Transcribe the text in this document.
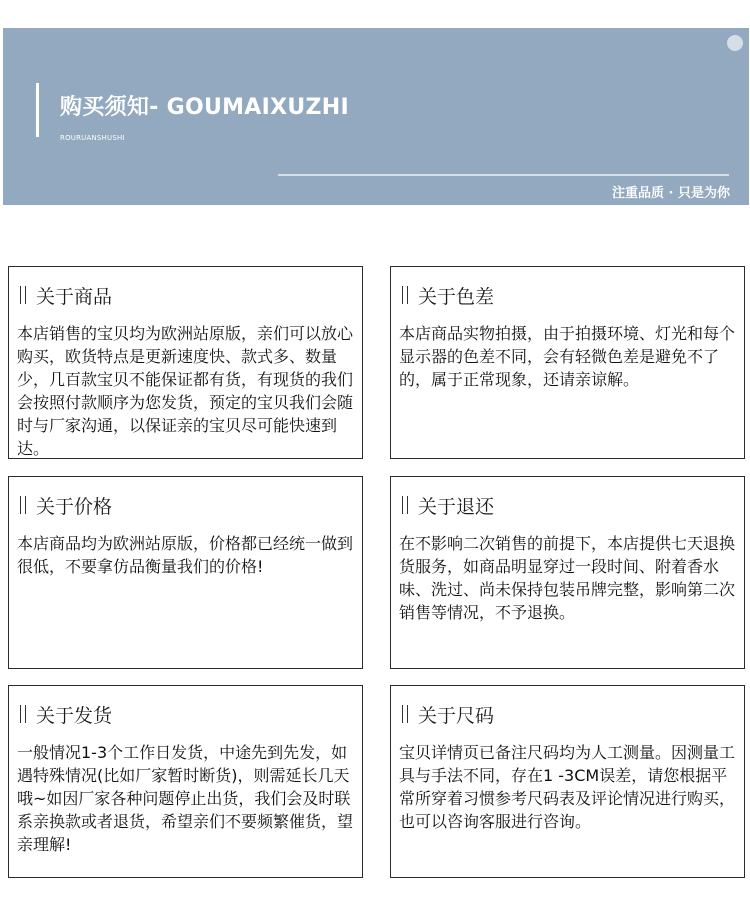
购买须知- GOUMAIXUZHI
ROURUANSHUSHI
注重品质 · 只是为你
关于商品
本店销售的宝贝均为欧洲站原版，亲们可以放心购买，欧货特点是更新速度快、款式多、数量少，几百款宝贝不能保证都有货，有现货的我们会按照付款顺序为您发货，预定的宝贝我们会随时与厂家沟通，以保证亲的宝贝尽可能快速到达。
关于色差
本店商品实物拍摄，由于拍摄环境、灯光和每个显示器的色差不同，会有轻微色差是避免不了的，属于正常现象，还请亲谅解。
关于价格
本店商品均为欧洲站原版，价格都已经统一做到很低，不要拿仿品衡量我们的价格!
关于退还
在不影响二次销售的前提下，本店提供七天退换货服务，如商品明显穿过一段时间、附着香水味、洗过、尚未保持包装吊牌完整，影响第二次销售等情况，不予退换。
关于发货
一般情况1-3个工作日发货，中途先到先发，如遇特殊情况(比如厂家暂时断货)，则需延长几天哦~如因厂家各种问题停止出货，我们会及时联系亲换款或者退货，希望亲们不要频繁催货，望亲理解!
关于尺码
宝贝详情页已备注尺码均为人工测量。因测量工具与手法不同，存在1 -3CM误差，请您根据平常所穿着习惯参考尺码表及评论情况进行购买，也可以咨询客服进行咨询。
